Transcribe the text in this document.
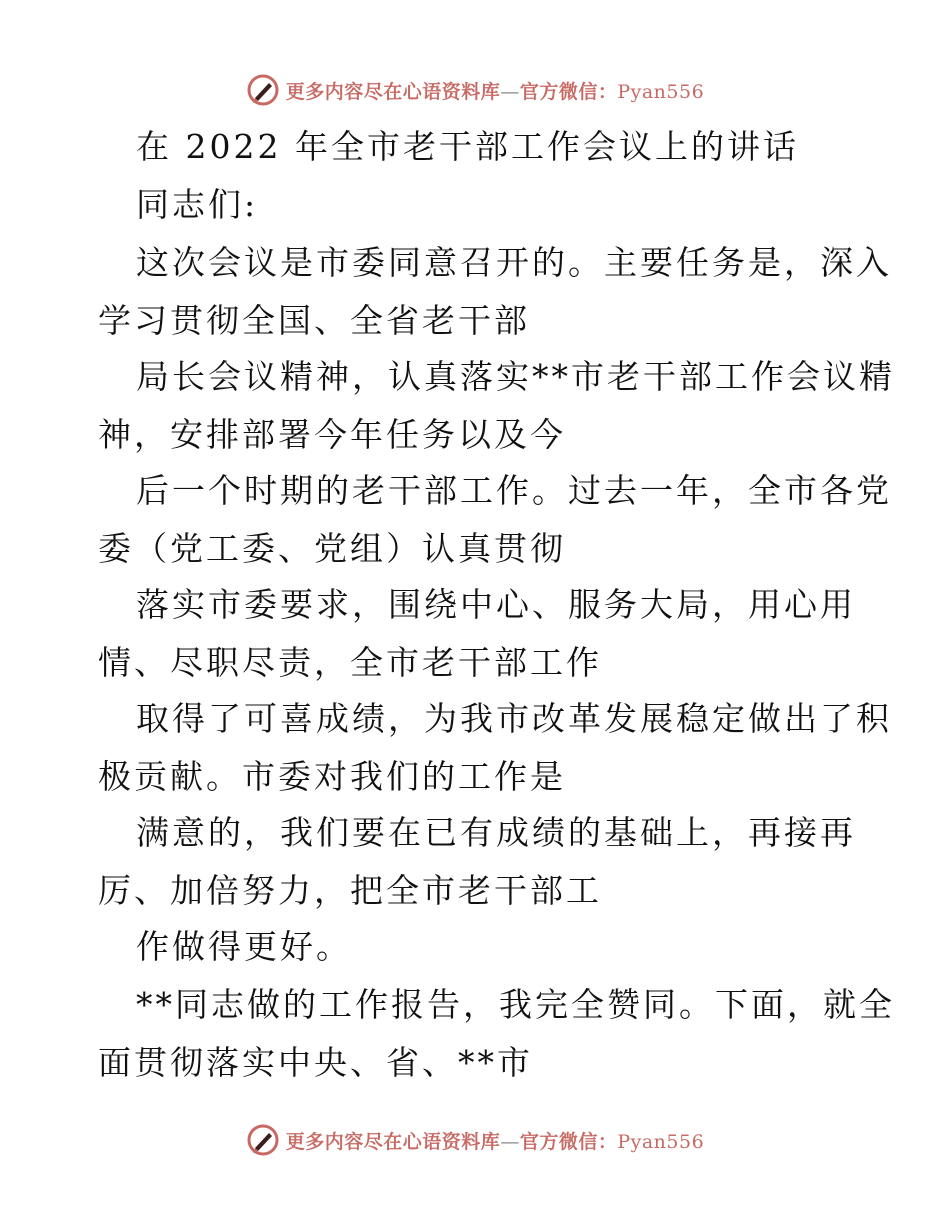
更多内容尽在心语资料库—官方微信：Pyan556
在 2022 年全市老干部工作会议上的讲话
同志们:
这次会议是市委同意召开的。主要任务是，深入
学习贯彻全国、全省老干部
局长会议精神，认真落实**市老干部工作会议精
神，安排部署今年任务以及今
后一个时期的老干部工作。过去一年，全市各党
委（党工委、党组）认真贯彻
落实市委要求，围绕中心、服务大局，用心用
情、尽职尽责，全市老干部工作
取得了可喜成绩，为我市改革发展稳定做出了积
极贡献。市委对我们的工作是
满意的，我们要在已有成绩的基础上，再接再
厉、加倍努力，把全市老干部工
作做得更好。
**同志做的工作报告，我完全赞同。下面，就全
面贯彻落实中央、省、**市
更多内容尽在心语资料库—官方微信：Pyan556
